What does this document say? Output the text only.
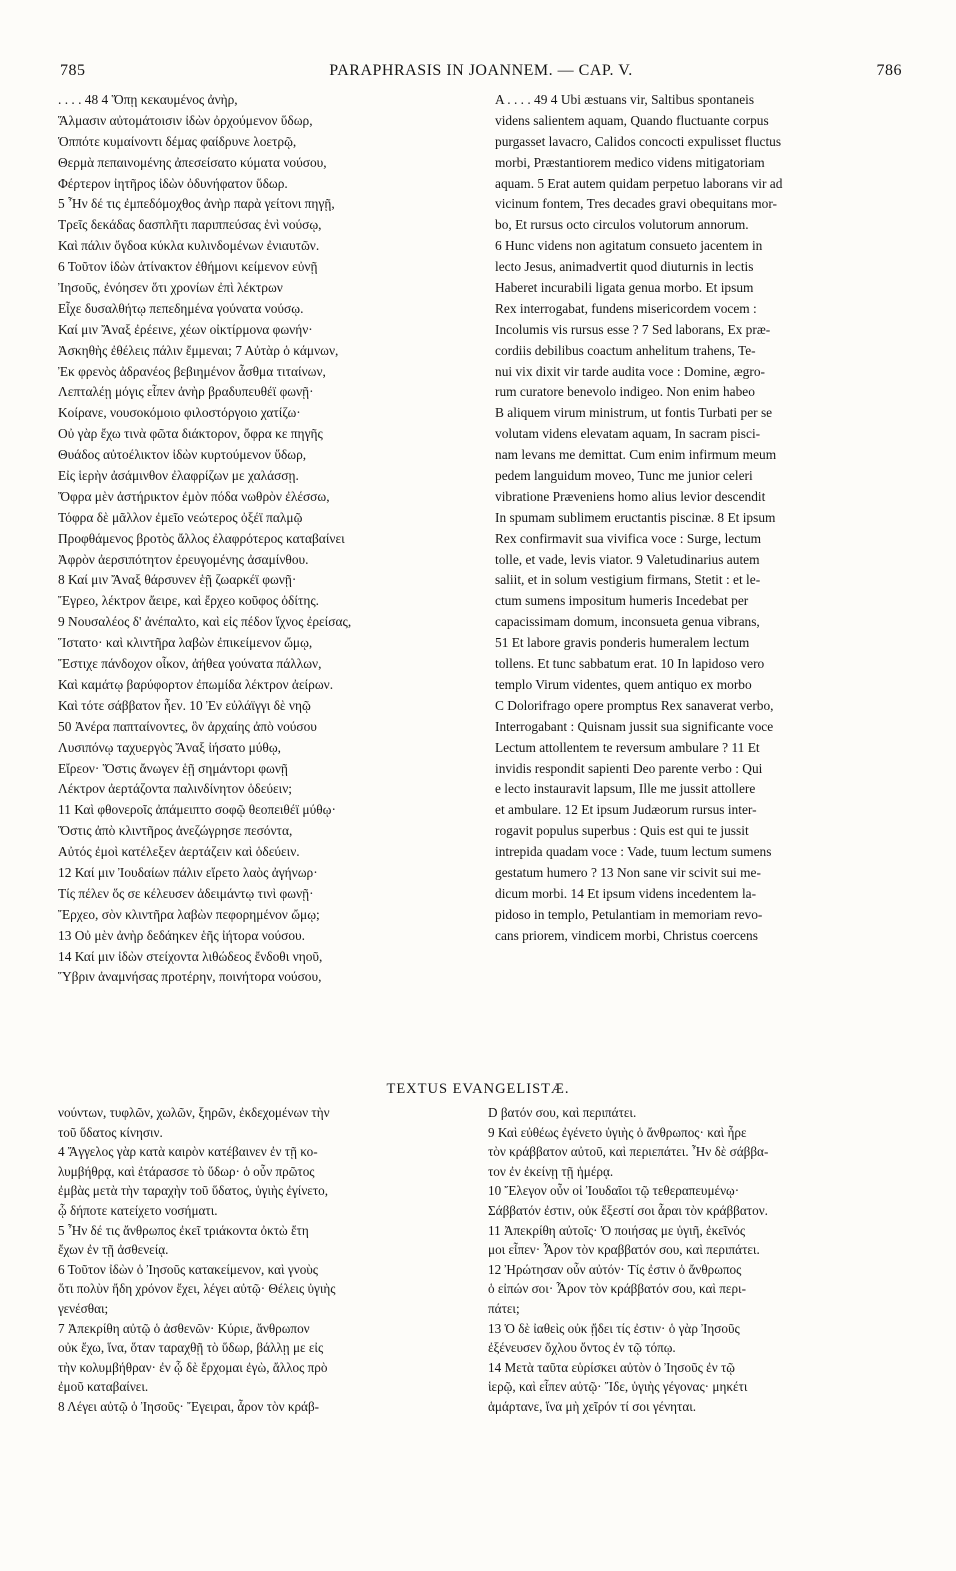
785	PARAPHRASIS IN JOANNEM. — CAP. V.	786
. . . . 48 4 Ὅπῃ κεκαυμένος ἀνὴρ,
Ἅλμασιν αὐτομάτοισιν ἰδὼν ὀρχούμενον ὕδωρ,
Ὁππότε κυμαίνοντι δέμας φαίδρυνε λοετρῷ,
Θερμὰ πεπαινομένης ἀπεσείσατο κύματα νούσου,
Φέρτερον ἰητῆρος ἰδὼν ὀδυνήφατον ὕδωρ.
5 Ἦν δέ τις ἐμπεδόμοχθος ἀνὴρ παρὰ γείτονι πηγῇ,
Τρεῖς δεκάδας δασπλῆτι παριππεύσας ἑνὶ νούσῳ,
Καὶ πάλιν ὄγδοα κύκλα κυλινδομένων ἐνιαυτῶν.
6 Τοῦτον ἰδὼν ἀτίνακτον ἐθήμονι κείμενον εὐνῇ
Ἰησοῦς, ἐνόησεν ὅτι χρονίων ἐπὶ λέκτρων
Εἶχε δυσαλθήτῳ πεπεδημένα γούνατα νούσῳ.
Καί μιν Ἄναξ ἐρέεινε, χέων οἰκτίρμονα φωνήν·
Ἀσκηθὴς ἐθέλεις πάλιν ἔμμεναι; 7 Αὐτὰρ ὁ κάμνων,
Ἐκ φρενὸς ἀδρανέος βεβιημένον ἆσθμα τιταίνων,
Λεπταλέῃ μόγις εἶπεν ἀνὴρ βραδυπευθέϊ φωνῇ·
Κοίρανε, νουσοκόμοιο φιλοστόργοιο χατίζω·
Οὐ γὰρ ἔχω τινὰ φῶτα διάκτορον, ὄφρα κε πηγῆς
Θυάδος αὐτοέλικτον ἰδὼν κυρτούμενον ὕδωρ,
Εἰς ἱερὴν ἀσάμινθον ἐλαφρίζων με χαλάσσῃ.
Ὄφρα μὲν ἀστήρικτον ἐμὸν πόδα νωθρὸν ἐλέσσω,
Τόφρα δὲ μᾶλλον ἐμεῖο νεώτερος ὀξέϊ παλμῷ
Προφθάμενος βροτὸς ἄλλος ἐλαφρότερος καταβαίνει
Ἀφρὸν ἀερσιπότητον ἐρευγομένης ἀσαμίνθου.
8 Καί μιν Ἄναξ θάρσυνεν ἑῇ ζωαρκέϊ φωνῇ·
Ἔγρεο, λέκτρον ἄειρε, καὶ ἔρχεο κοῦφος ὁδίτης.
9 Νουσαλέος δ' ἀνέπαλτο, καὶ εἰς πέδον ἴχνος ἐρείσας,
Ἵστατο· καὶ κλιντῆρα λαβὼν ἐπικείμενον ὤμῳ,
Ἔστιχε πάνδοχον οἶκον, ἀήθεα γούνατα πάλλων,
Καὶ καμάτῳ βαρύφορτον ἐπωμίδα λέκτρον ἀείρων.
Καὶ τότε σάββατον ἦεν. 10 Ἐν εὐλάϊγγι δὲ νηῷ
50 Ἀνέρα παπταίνοντες, ὃν ἀρχαίης ἀπὸ νούσου
Λυσιπόνῳ ταχυεργὸς Ἄναξ ἰήσατο μύθῳ,
Εἴρεον· Ὅστις ἄνωγεν ἑῇ σημάντορι φωνῇ
Λέκτρον ἀερτάζοντα παλινδίνητον ὁδεύειν;
11 Καὶ φθονεροῖς ἀπάμειπτο σοφῷ θεοπειθέϊ μύθῳ·
Ὅστις ἀπὸ κλιντῆρος ἀνεζώγρησε πεσόντα,
Αὐτός ἐμοὶ κατέλεξεν ἀερτάζειν καὶ ὁδεύειν.
12 Καί μιν Ἰουδαίων πάλιν εἴρετο λαὸς ἀγήνωρ·
Τίς πέλεν ὅς σε κέλευσεν ἀδειμάντῳ τινὶ φωνῇ·
Ἔρχεο, σὸν κλιντῆρα λαβὼν πεφορημένον ὤμῳ;
13 Οὐ μὲν ἀνὴρ δεδάηκεν ἑῆς ἰήτορα νούσου.
14 Καί μιν ἰδὼν στείχοντα λιθώδεος ἔνδοθι νηοῦ,
Ὕβριν ἀναμνήσας προτέρην, ποινήτορα νούσου,
A . . . . 49 4 Ubi æstuans vir, Saltibus spontaneis
videns salientem aquam, Quando fluctuante corpus
purgasset lavacro, Calidos concocti expulisset fluctus
morbi, Præstantiorem medico videns mitigatoriam
aquam. 5 Erat autem quidam perpetuo laborans vir ad
vicinum fontem, Tres decades gravi obequitans mor-
bo, Et rursus octo circulos volutorum annorum.
6 Hunc videns non agitatum consueto jacentem in
lecto Jesus, animadvertit quod diuturnis in lectis
Haberet incurabili ligata genua morbo. Et ipsum
Rex interrogabat, fundens misericordem vocem :
Incolumis vis rursus esse ? 7 Sed laborans, Ex præ-
cordiis debilibus coactum anhelitum trahens, Te-
nui vix dixit vir tarde audita voce : Domine, ægro-
rum curatore benevolo indigeo. Non enim habeo
B aliquem virum ministrum, ut fontis Turbati per se
volutam videns elevatam aquam, In sacram pisci-
nam levans me demittat. Cum enim infirmum meum
pedem languidum moveo, Tunc me junior celeri
vibratione Præveniens homo alius levior descendit
In spumam sublimem eructantis piscinæ. 8 Et ipsum
Rex confirmavit sua vivifica voce : Surge, lectum
tolle, et vade, levis viator. 9 Valetudinarius autem
saliit, et in solum vestigium firmans, Stetit : et le-
ctum sumens impositum humeris Incedebat per
capacissimam domum, inconsueta genua vibrans,
51 Et labore gravis ponderis humeralem lectum
tollens. Et tunc sabbatum erat. 10 In lapidoso vero
templo Virum videntes, quem antiquo ex morbo
C Dolorifrago opere promptus Rex sanaverat verbo,
Interrogabant : Quisnam jussit sua significante voce
Lectum attollentem te reversum ambulare ? 11 Et
invidis respondit sapienti Deo parente verbo : Qui
e lecto instauravit lapsum, Ille me jussit attollere
et ambulare. 12 Et ipsum Judæorum rursus inter-
rogavit populus superbus : Quis est qui te jussit
intrepida quadam voce : Vade, tuum lectum sumens
gestatum humero ? 13 Non sane vir scivit sui me-
dicum morbi. 14 Et ipsum videns incedentem la-
pidoso in templo, Petulantiam in memoriam revo-
cans priorem, vindicem morbi, Christus coercens
TEXTUS EVANGELISTÆ.
νούντων, τυφλῶν, χωλῶν, ξηρῶν, ἐκδεχομένων τὴν
τοῦ ὕδατος κίνησιν.
4 Ἄγγελος γὰρ κατὰ καιρὸν κατέβαινεν ἐν τῇ κο-
λυμβήθρᾳ, καὶ ἐτάρασσε τὸ ὕδωρ· ὁ οὖν πρῶτος
ἐμβὰς μετὰ τὴν ταραχὴν τοῦ ὕδατος, ὑγιὴς ἐγίνετο,
ᾧ δήποτε κατείχετο νοσήματι.
5 Ἦν δέ τις ἄνθρωπος ἐκεῖ τριάκοντα ὀκτὼ ἔτη
ἔχων ἐν τῇ ἀσθενείᾳ.
6 Τοῦτον ἰδὼν ὁ Ἰησοῦς κατακείμενον, καὶ γνοὺς
ὅτι πολὺν ἤδη χρόνον ἔχει, λέγει αὐτῷ· Θέλεις ὑγιὴς
γενέσθαι;
7 Ἀπεκρίθη αὐτῷ ὁ ἀσθενῶν· Κύριε, ἄνθρωπον
οὐκ ἔχω, ἵνα, ὅταν ταραχθῇ τὸ ὕδωρ, βάλλῃ με εἰς
τὴν κολυμβήθραν· ἐν ᾧ δὲ ἔρχομαι ἐγὼ, ἄλλος πρὸ
ἐμοῦ καταβαίνει.
8 Λέγει αὐτῷ ὁ Ἰησοῦς· Ἔγειραι, ἆρον τὸν κράβ-
D βατόν σου, καὶ περιπάτει.
9 Καὶ εὐθέως ἐγένετο ὑγιὴς ὁ ἄνθρωπος· καὶ ἦρε
τὸν κράββατον αὐτοῦ, καὶ περιεπάτει. Ἦν δὲ σάββα-
τον ἐν ἐκείνῃ τῇ ἡμέρᾳ.
10 Ἔλεγον οὖν οἱ Ἰουδαῖοι τῷ τεθεραπευμένῳ·
Σάββατόν ἐστιν, οὐκ ἔξεστί σοι ἆραι τὸν κράββατον.
11 Ἀπεκρίθη αὐτοῖς· Ὁ ποιήσας με ὑγιῆ, ἐκεῖνός
μοι εἶπεν· Ἆρον τὸν κραββατόν σου, καὶ περιπάτει.
12 Ἠρώτησαν οὖν αὐτόν· Τίς ἐστιν ὁ ἄνθρωπος
ὁ εἰπών σοι· Ἆρον τὸν κράββατόν σου, καὶ περι-
πάτει;
13 Ὁ δὲ ἰαθεὶς οὐκ ᾔδει τίς ἐστιν· ὁ γὰρ Ἰησοῦς
ἐξένευσεν ὄχλου ὄντος ἐν τῷ τόπῳ.
14 Μετὰ ταῦτα εὑρίσκει αὐτὸν ὁ Ἰησοῦς ἐν τῷ
ἱερῷ, καὶ εἶπεν αὐτῷ· Ἴδε, ὑγιὴς γέγονας· μηκέτι
ἁμάρτανε, ἵνα μὴ χεῖρόν τί σοι γένηται.
